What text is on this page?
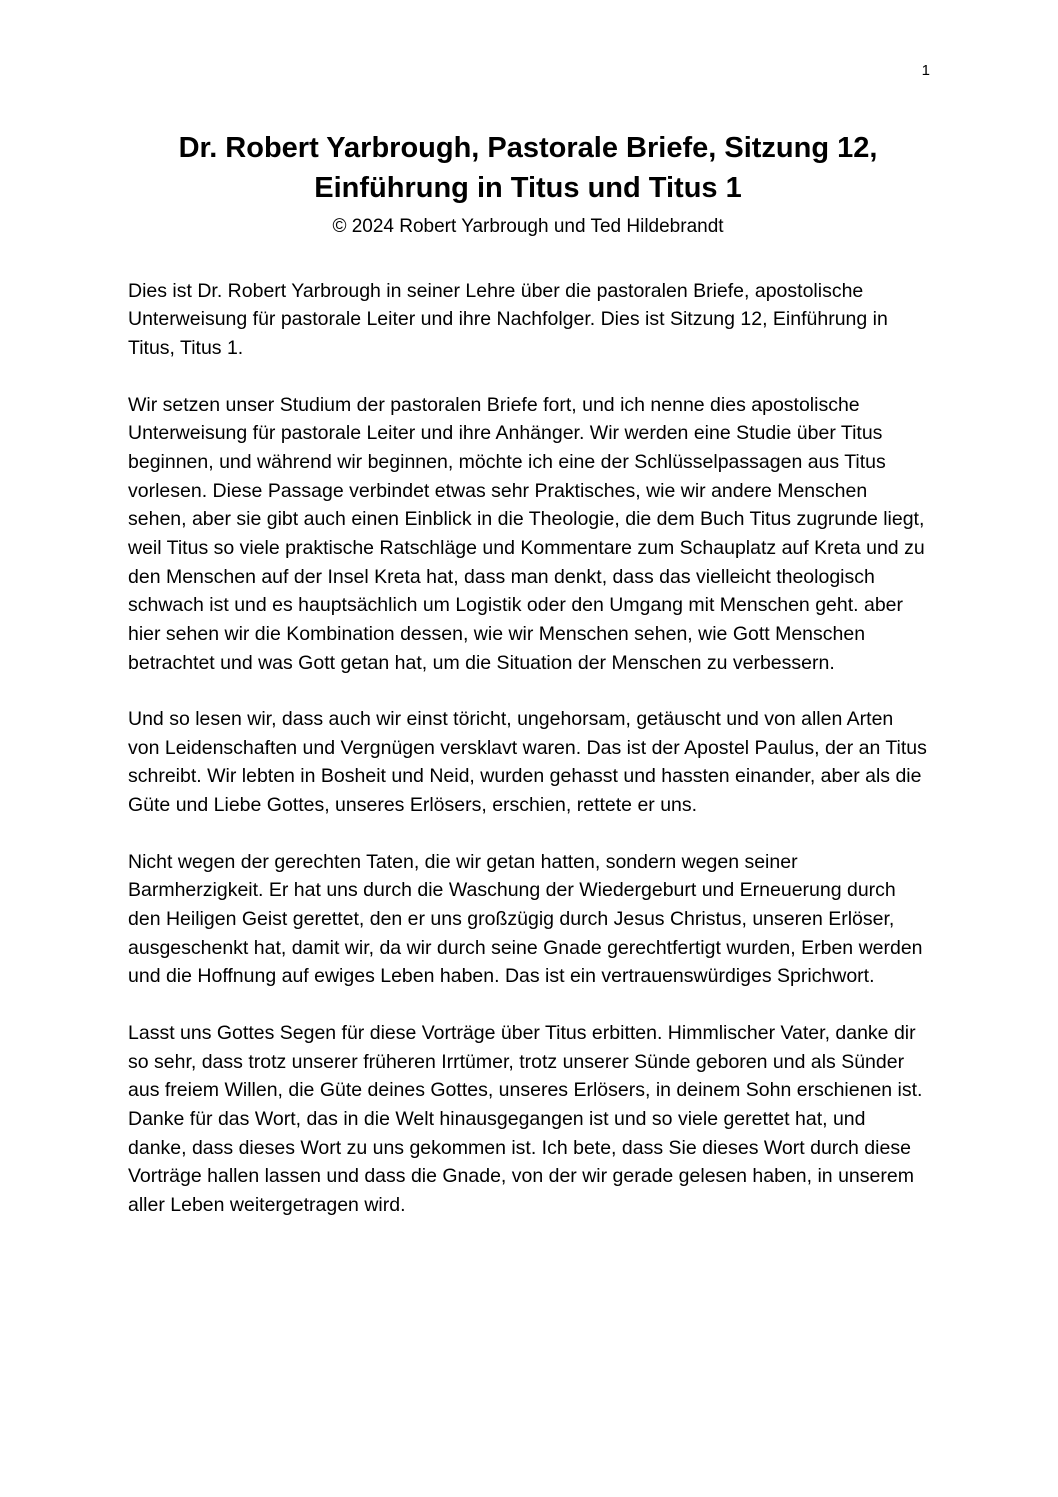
1
Dr. Robert Yarbrough, Pastorale Briefe, Sitzung 12,
Einführung in Titus und Titus 1
© 2024 Robert Yarbrough und Ted Hildebrandt

Dies ist Dr. Robert Yarbrough in seiner Lehre über die pastoralen Briefe, apostolische Unterweisung für pastorale Leiter und ihre Nachfolger. Dies ist Sitzung 12, Einführung in Titus, Titus 1.

Wir setzen unser Studium der pastoralen Briefe fort, und ich nenne dies apostolische Unterweisung für pastorale Leiter und ihre Anhänger. Wir werden eine Studie über Titus beginnen, und während wir beginnen, möchte ich eine der Schlüsselpassagen aus Titus vorlesen. Diese Passage verbindet etwas sehr Praktisches, wie wir andere Menschen sehen, aber sie gibt auch einen Einblick in die Theologie, die dem Buch Titus zugrunde liegt, weil Titus so viele praktische Ratschläge und Kommentare zum Schauplatz auf Kreta und zu den Menschen auf der Insel Kreta hat, dass man denkt, dass das vielleicht theologisch schwach ist und es hauptsächlich um Logistik oder den Umgang mit Menschen geht. aber hier sehen wir die Kombination dessen, wie wir Menschen sehen, wie Gott Menschen betrachtet und was Gott getan hat, um die Situation der Menschen zu verbessern.

Und so lesen wir, dass auch wir einst töricht, ungehorsam, getäuscht und von allen Arten von Leidenschaften und Vergnügen versklavt waren. Das ist der Apostel Paulus, der an Titus schreibt. Wir lebten in Bosheit und Neid, wurden gehasst und hassten einander, aber als die Güte und Liebe Gottes, unseres Erlösers, erschien, rettete er uns.

Nicht wegen der gerechten Taten, die wir getan hatten, sondern wegen seiner Barmherzigkeit. Er hat uns durch die Waschung der Wiedergeburt und Erneuerung durch den Heiligen Geist gerettet, den er uns großzügig durch Jesus Christus, unseren Erlöser, ausgeschenkt hat, damit wir, da wir durch seine Gnade gerechtfertigt wurden, Erben werden und die Hoffnung auf ewiges Leben haben. Das ist ein vertrauenswürdiges Sprichwort.

Lasst uns Gottes Segen für diese Vorträge über Titus erbitten. Himmlischer Vater, danke dir so sehr, dass trotz unserer früheren Irrtümer, trotz unserer Sünde geboren und als Sünder aus freiem Willen, die Güte deines Gottes, unseres Erlösers, in deinem Sohn erschienen ist. Danke für das Wort, das in die Welt hinausgegangen ist und so viele gerettet hat, und danke, dass dieses Wort zu uns gekommen ist. Ich bete, dass Sie dieses Wort durch diese Vorträge hallen lassen und dass die Gnade, von der wir gerade gelesen haben, in unserem aller Leben weitergetragen wird.
